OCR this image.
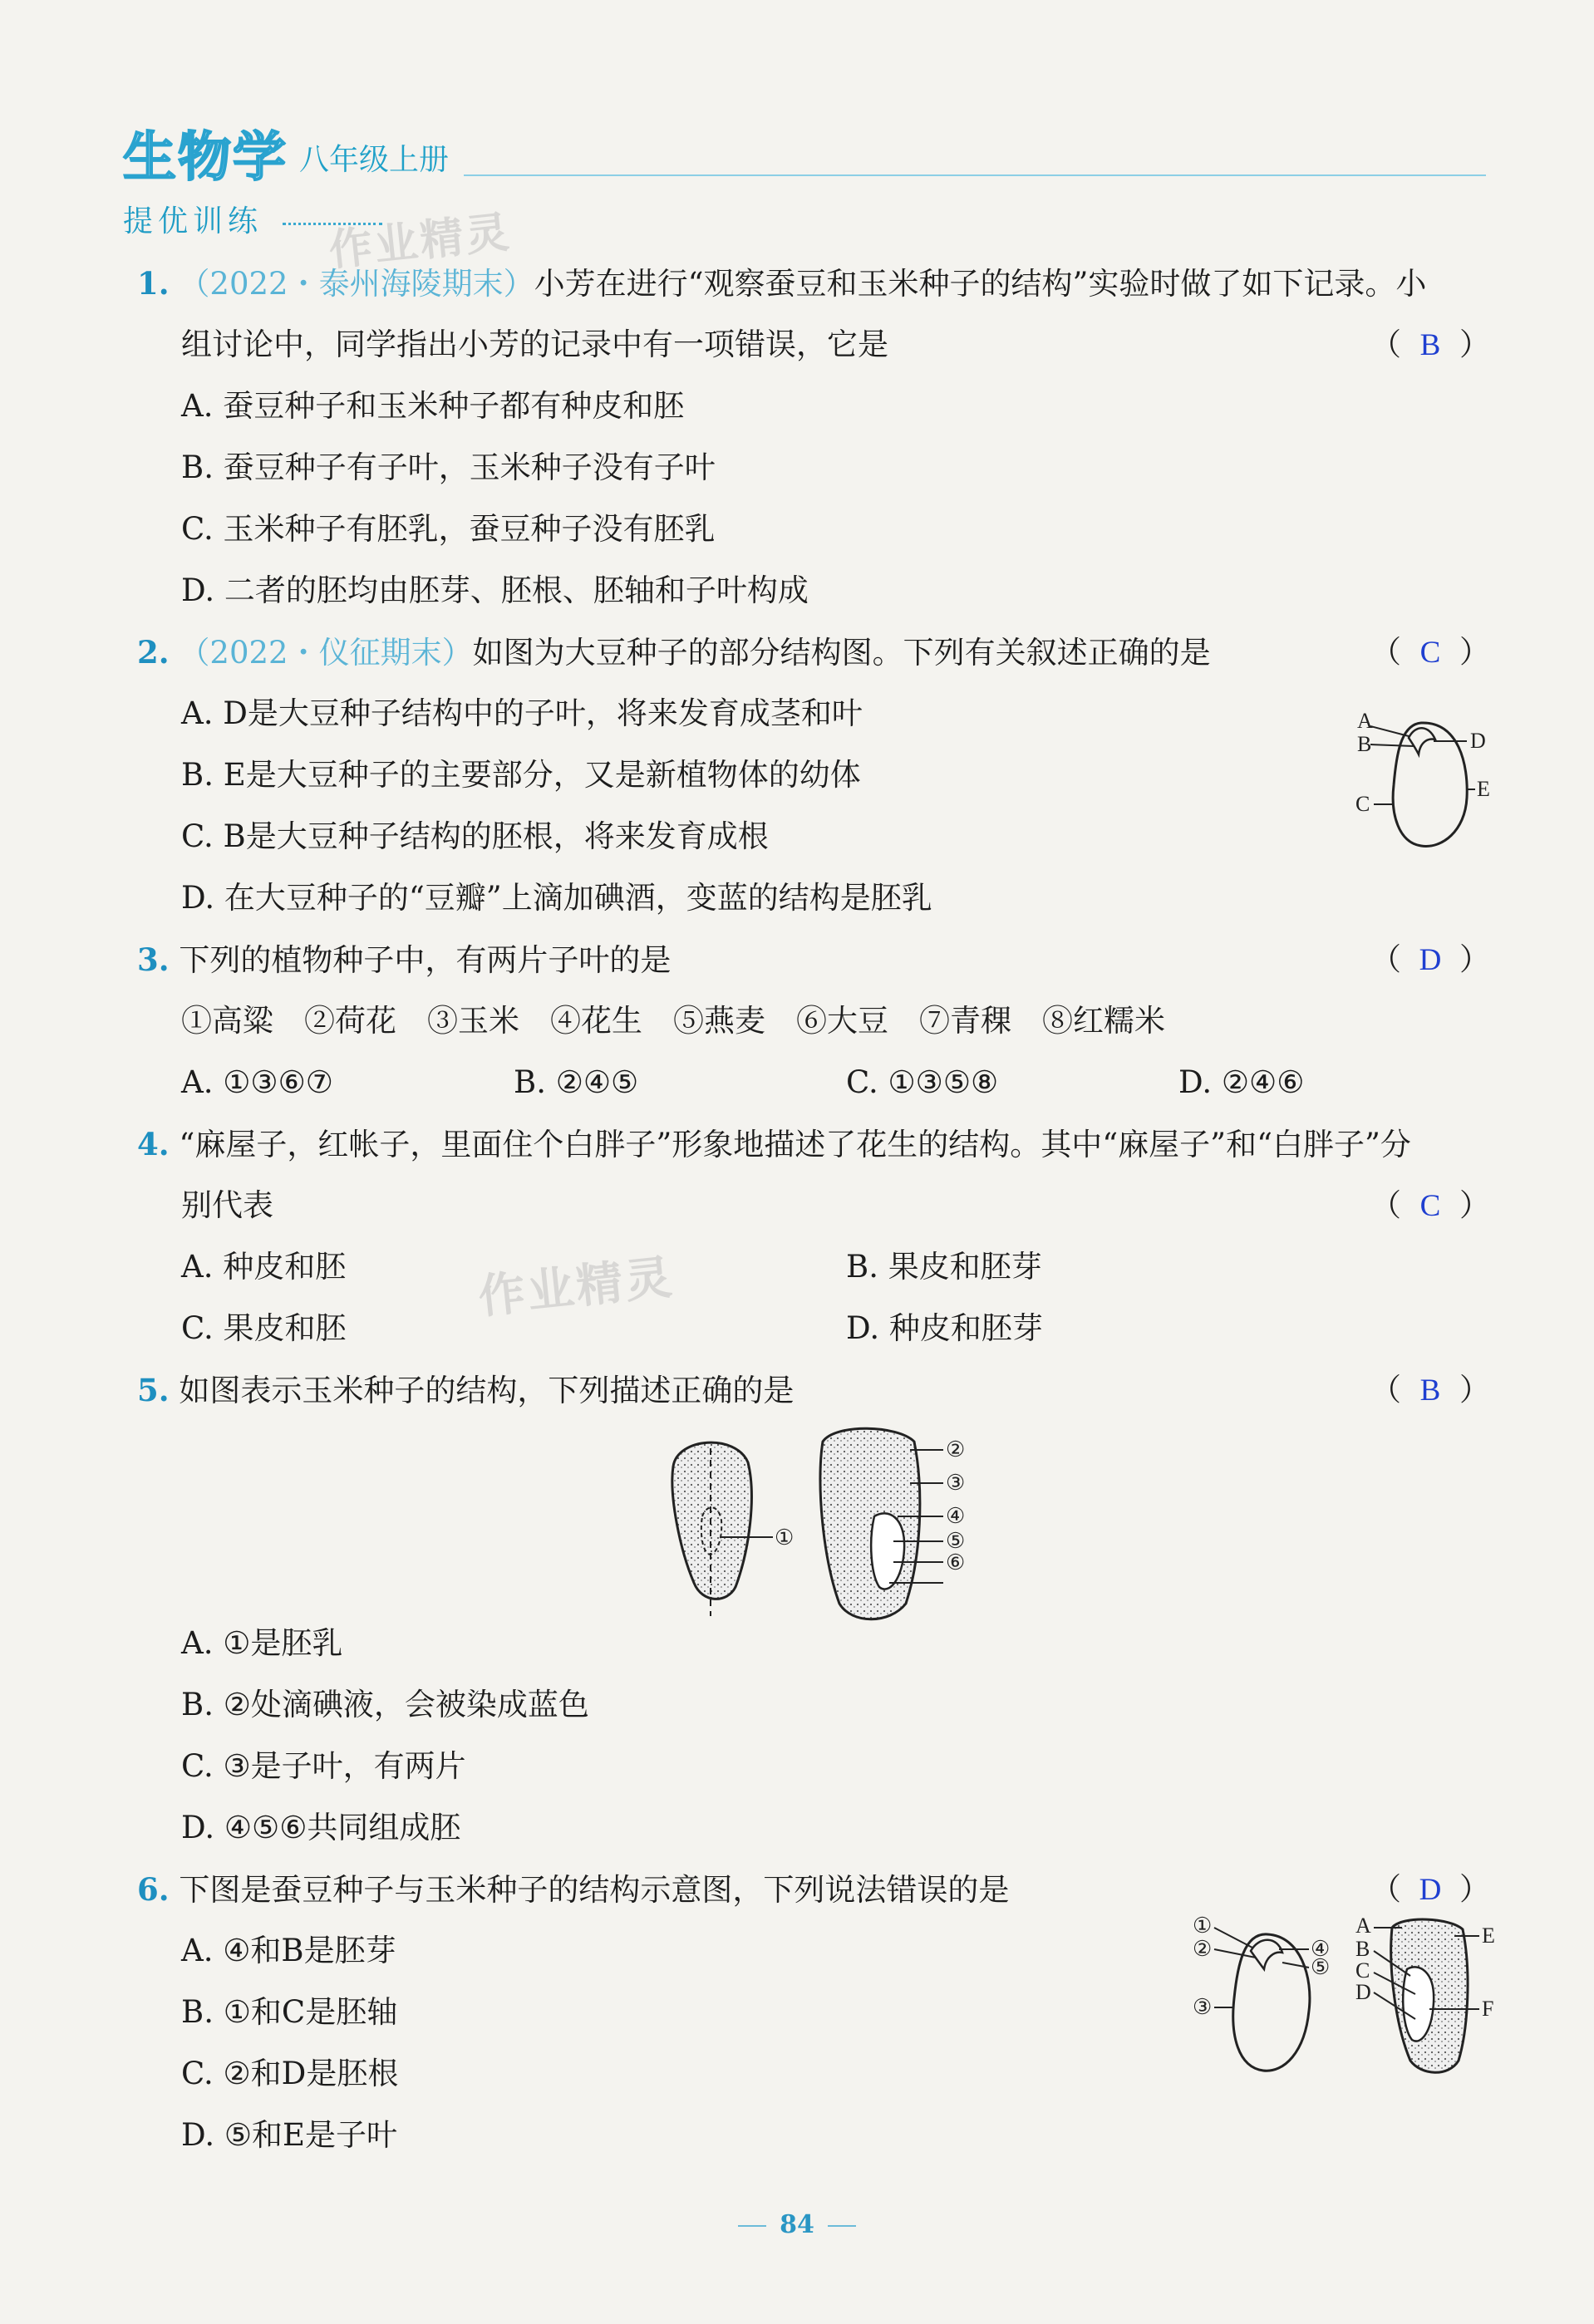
生物学 八年级上册
提优训练 作业精灵
作业精灵
1. （2022・泰州海陵期末）小芳在进行“观察蚕豆和玉米种子的结构”实验时做了如下记录。小
组讨论中，同学指出小芳的记录中有一项错误，它是	（ B ）
A. 蚕豆种子和玉米种子都有种皮和胚
B. 蚕豆种子有子叶，玉米种子没有子叶
C. 玉米种子有胚乳，蚕豆种子没有胚乳
D. 二者的胚均由胚芽、胚根、胚轴和子叶构成
2. （2022・仪征期末）如图为大豆种子的部分结构图。下列有关叙述正确的是	（ C ）
A. D是大豆种子结构中的子叶，将来发育成茎和叶
B. E是大豆种子的主要部分，又是新植物体的幼体
C. B是大豆种子结构的胚根，将来发育成根
D. 在大豆种子的“豆瓣”上滴加碘酒，变蓝的结构是胚乳
A
B
C
D
E
3. 下列的植物种子中，有两片子叶的是	（ D ）
①高粱　②荷花　③玉米　④花生　⑤燕麦　⑥大豆　⑦青稞　⑧红糯米
A. ①③⑥⑦	B. ②④⑤	C. ①③⑤⑧	D. ②④⑥
4. “麻屋子，红帐子，里面住个白胖子”形象地描述了花生的结构。其中“麻屋子”和“白胖子”分
别代表	（ C ）
A. 种皮和胚	B. 果皮和胚芽
C. 果皮和胚	D. 种皮和胚芽
5. 如图表示玉米种子的结构，下列描述正确的是	（ B ）
①
②
③
④
⑤
⑥
A. ①是胚乳
B. ②处滴碘液，会被染成蓝色
C. ③是子叶，有两片
D. ④⑤⑥共同组成胚
6. 下图是蚕豆种子与玉米种子的结构示意图，下列说法错误的是	（ D ）
A. ④和B是胚芽
B. ①和C是胚轴
C. ②和D是胚根
D. ⑤和E是子叶
①
②
③
④
⑤
A
B
C
D
E
F
84
